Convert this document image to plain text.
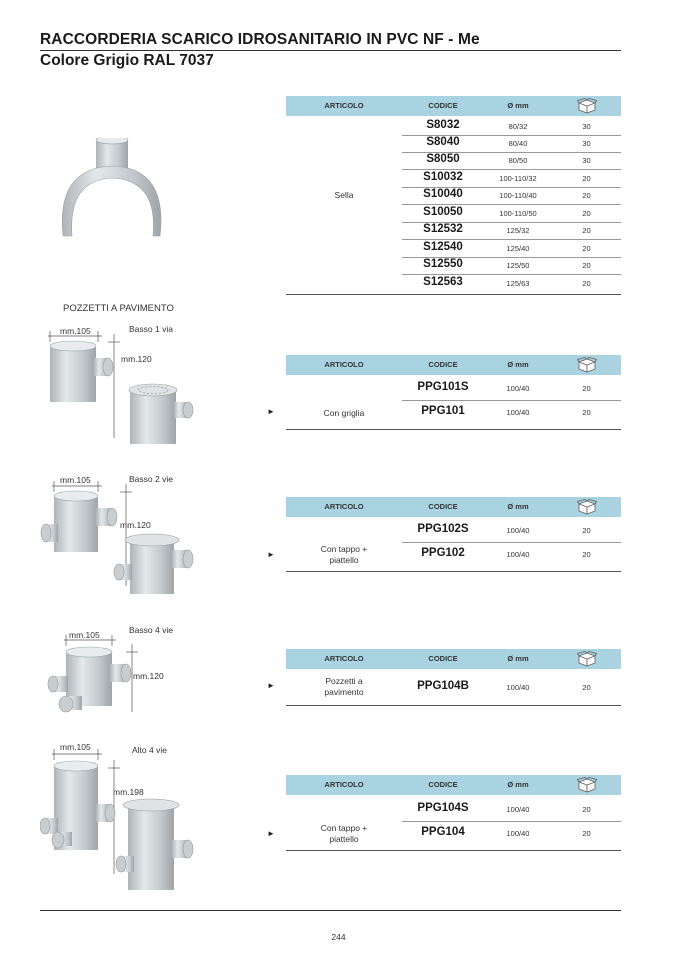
RACCORDERIA SCARICO IDROSANITARIO IN PVC NF - Me
Colore Grigio RAL 7037
ARTICOLO	CODICE	Ø mm
Sella
S8032	80/32	30
S8040	80/40	30
S8050	80/50	30
S10032	100-110/32	20
S10040	100-110/40	20
S10050	100-110/50	20
S12532	125/32	20
S12540	125/40	20
S12550	125/50	20
S12563	125/63	20
POZZETTI A PAVIMENTO
Basso 1 via
mm.105
mm.120
ARTICOLO	CODICE	Ø mm
PPG101S	100/40	20
PPG101	100/40	20
Con griglia
►
Basso 2 vie
mm.105
mm.120
ARTICOLO	CODICE	Ø mm
PPG102S	100/40	20
PPG102	100/40	20
Con tappo +
piattello
►
Basso 4 vie
mm.105
mm.120
ARTICOLO	CODICE	Ø mm
PPG104B	100/40	20
Pozzetti a
pavimento
►
Alto 4 vie
mm.105
mm.198
ARTICOLO	CODICE	Ø mm
PPG104S	100/40	20
PPG104	100/40	20
Con tappo +
piattello
►
244
